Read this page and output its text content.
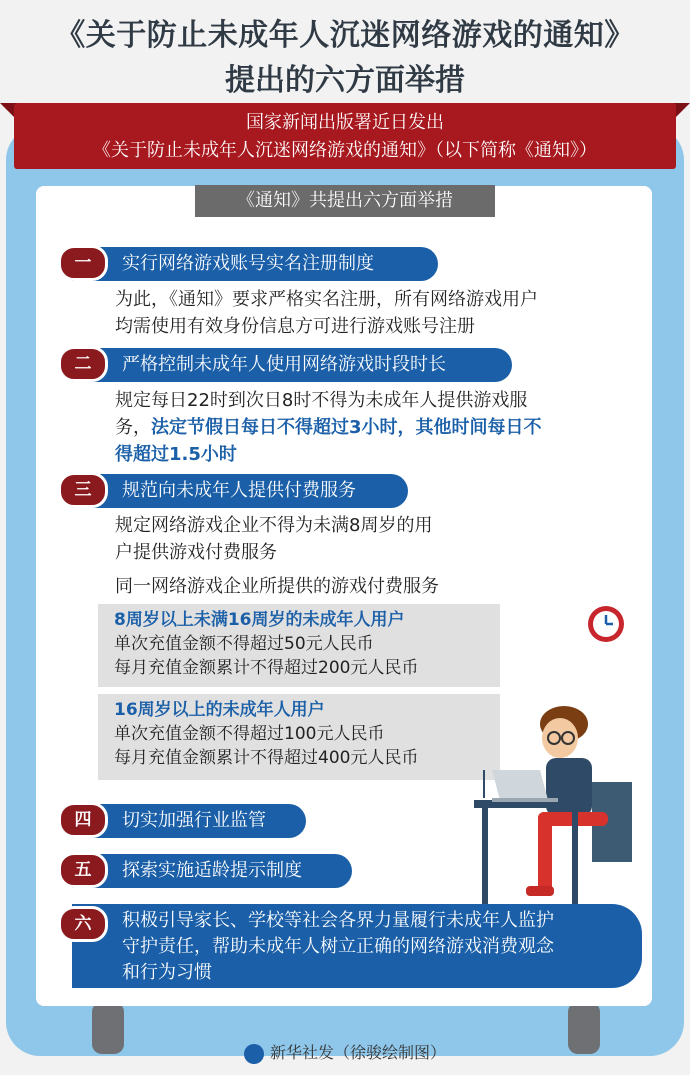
《关于防止未成年人沉迷网络游戏的通知》
提出的六方面举措
国家新闻出版署近日发出
《关于防止未成年人沉迷网络游戏的通知》（以下简称《通知》）
《通知》共提出六方面举措
实行网络游戏账号实名注册制度
一
为此，《通知》要求严格实名注册，所有网络游戏用户
均需使用有效身份信息方可进行游戏账号注册
严格控制未成年人使用网络游戏时段时长
二
规定每日22时到次日8时不得为未成年人提供游戏服
务，法定节假日每日不得超过3小时，其他时间每日不
得超过1.5小时
规范向未成年人提供付费服务
三
规定网络游戏企业不得为未满8周岁的用
户提供游戏付费服务
同一网络游戏企业所提供的游戏付费服务
8周岁以上未满16周岁的未成年人用户
单次充值金额不得超过50元人民币
每月充值金额累计不得超过200元人民币
16周岁以上的未成年人用户
单次充值金额不得超过100元人民币
每月充值金额累计不得超过400元人民币
切实加强行业监管
四
探索实施适龄提示制度
五
积极引导家长、学校等社会各界力量履行未成年人监护
守护责任，帮助未成年人树立正确的网络游戏消费观念
和行为习惯
六
新华社发（徐骏绘制图）
